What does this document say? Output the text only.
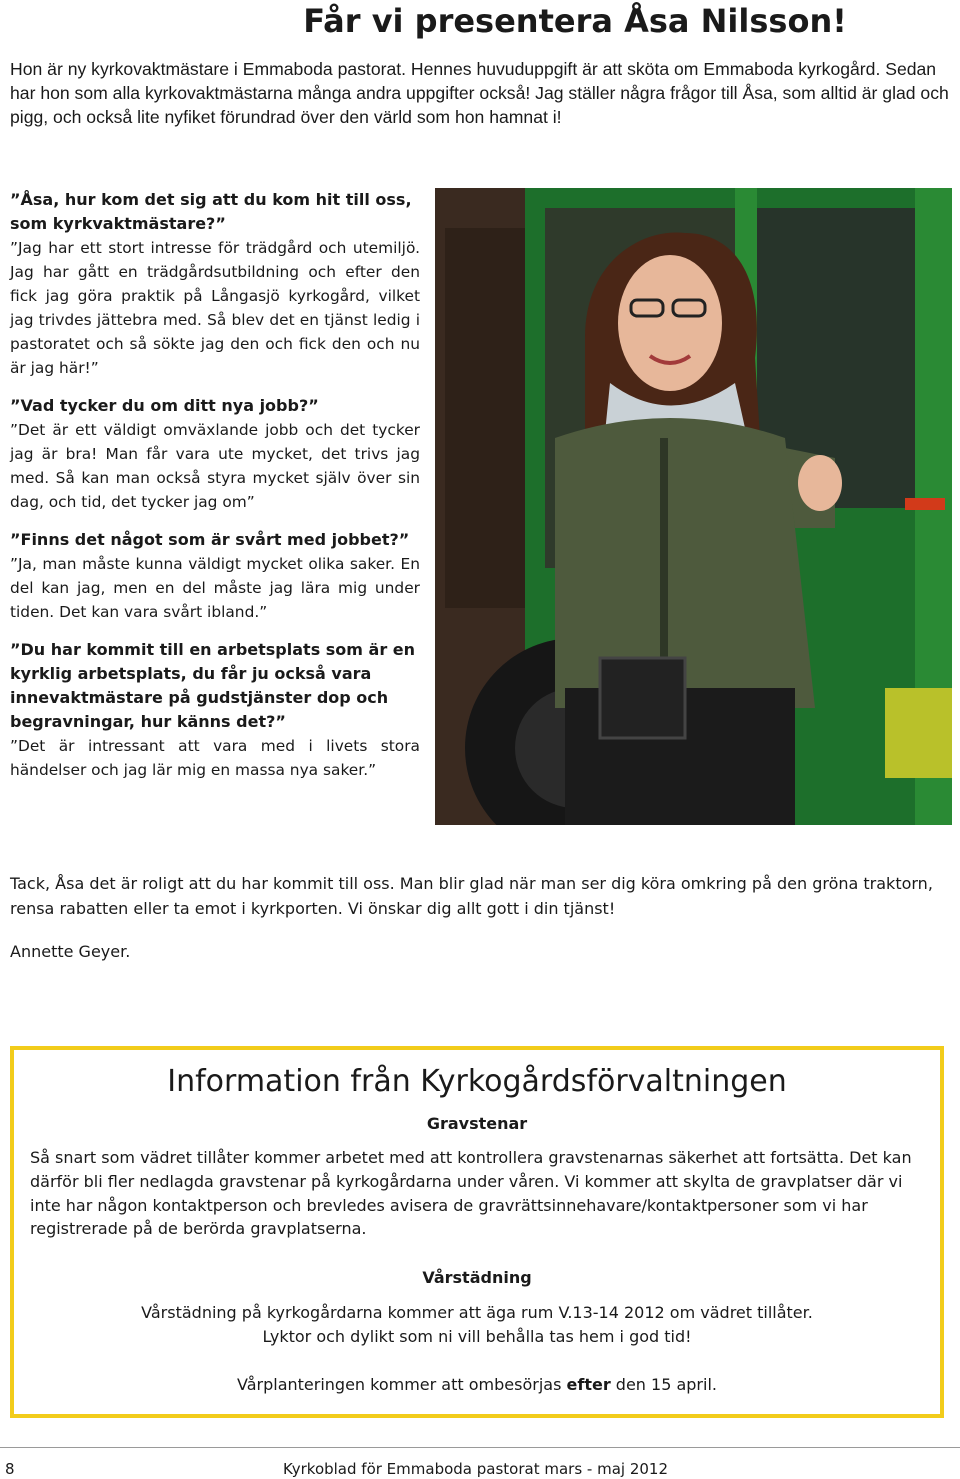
Får vi presentera Åsa Nilsson!

Hon är ny kyrkovaktmästare i Emmaboda pastorat. Hennes huvuduppgift är att sköta om Emmaboda kyrkogård. Sedan har hon som alla kyrkovaktmästarna många andra uppgifter också! Jag ställer några frågor till Åsa, som alltid är glad och pigg, och också lite nyfiket förundrad över den värld som hon hamnat i!

”Åsa, hur kom det sig att du kom hit till oss, som kyrkvaktmästare?”
”Jag har ett stort intresse för trädgård och utemiljö. Jag har gått en trädgårdsutbildning och efter den fick jag göra praktik på Långasjö kyrkogård, vilket jag trivdes jättebra med. Så blev det en tjänst ledig i pastoratet och så sökte jag den och fick den och nu är jag här!”
”Vad tycker du om ditt nya jobb?”
”Det är ett väldigt omväxlande jobb och det tycker jag är bra! Man får vara ute mycket, det trivs jag med. Så kan man också styra mycket själv över sin dag, och tid, det tycker jag om”
”Finns det något som är svårt med jobbet?”
”Ja, man måste kunna väldigt mycket olika saker. En del kan jag, men en del måste jag lära mig under tiden. Det kan vara svårt ibland.”
”Du har kommit till en arbetsplats som är en kyrklig arbetsplats, du får ju också vara innevaktmästare på gudstjänster dop och begravningar, hur känns det?”
”Det är intressant att vara med i livets stora händelser och jag lär mig en massa nya saker.”

Tack, Åsa det är roligt att du har kommit till oss. Man blir glad när man ser dig köra omkring på den gröna traktorn, rensa rabatten eller ta emot i kyrkporten. Vi önskar dig allt gott i din tjänst!

Annette Geyer.

Information från Kyrkogårdsförvaltningen

Gravstenar

Så snart som vädret tillåter kommer arbetet med att kontrollera gravstenarnas säkerhet att fortsätta. Det kan därför bli fler nedlagda gravstenar på kyrkogårdarna under våren. Vi kommer att skylta de gravplatser där vi inte har någon kontaktperson och brevledes avisera de gravrättsinnehavare/kontaktpersoner som vi har registrerade på de berörda gravplatserna.

Vårstädning

Vårstädning på kyrkogårdarna kommer att äga rum V.13-14 2012 om vädret tillåter.

Lyktor och dylikt som ni vill behålla tas hem i god tid!

Vårplanteringen kommer att ombesörjas efter den 15 april.

8	Kyrkoblad för Emmaboda pastorat mars - maj 2012
